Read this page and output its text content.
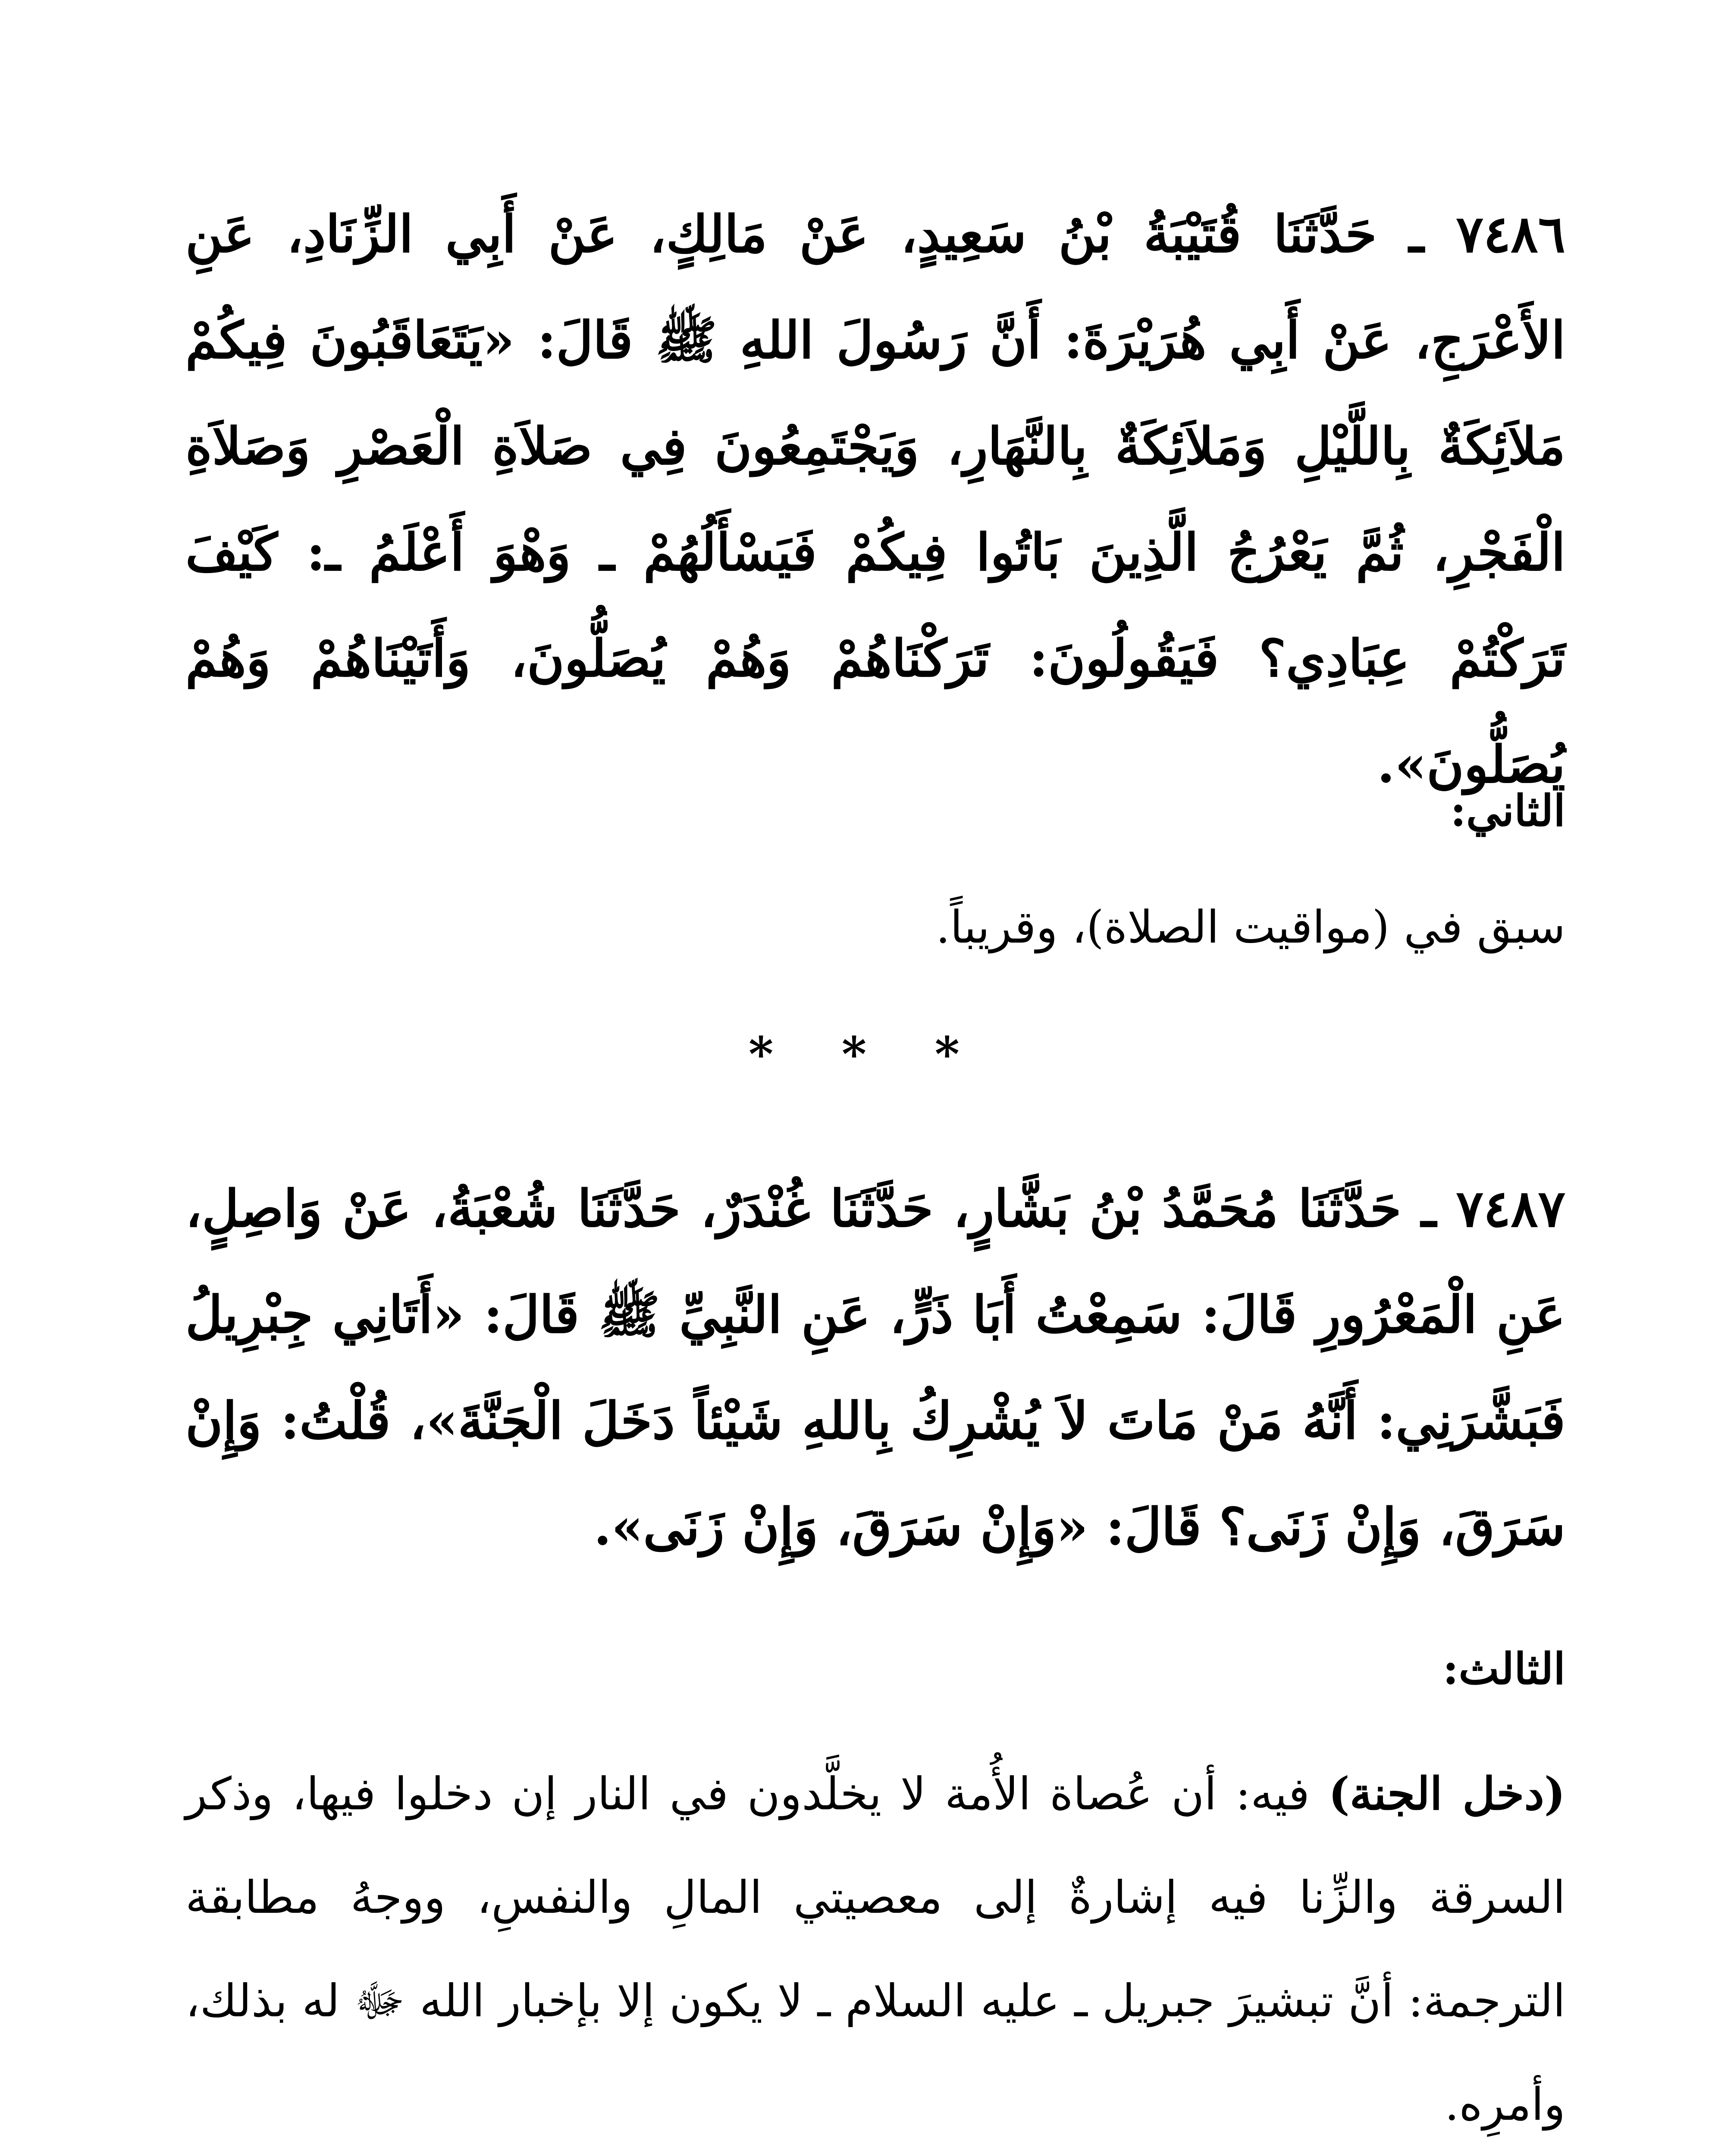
٧٤٨٦ ـ حَدَّثَنَا قُتَيْبَةُ بْنُ سَعِيدٍ، عَنْ مَالِكٍ، عَنْ أَبِي الزِّنَادِ، عَنِ الأَعْرَجِ، عَنْ أَبِي هُرَيْرَةَ: أَنَّ رَسُولَ اللهِ ﷺ قَالَ: «يَتَعَاقَبُونَ فِيكُمْ مَلاَئِكَةٌ بِاللَّيْلِ وَمَلاَئِكَةٌ بِالنَّهَارِ، وَيَجْتَمِعُونَ فِي صَلاَةِ الْعَصْرِ وَصَلاَةِ الْفَجْرِ، ثُمَّ يَعْرُجُ الَّذِينَ بَاتُوا فِيكُمْ فَيَسْأَلُهُمْ ـ وَهْوَ أَعْلَمُ ـ: كَيْفَ تَرَكْتُمْ عِبَادِي؟ فَيَقُولُونَ: تَرَكْنَاهُمْ وَهُمْ يُصَلُّونَ، وَأَتَيْنَاهُمْ وَهُمْ يُصَلُّونَ».

الثاني:

سبق في (مواقيت الصلاة)، وقريباً.

* * *

٧٤٨٧ ـ حَدَّثَنَا مُحَمَّدُ بْنُ بَشَّارٍ، حَدَّثَنَا غُنْدَرٌ، حَدَّثَنَا شُعْبَةُ، عَنْ وَاصِلٍ، عَنِ الْمَعْرُورِ قَالَ: سَمِعْتُ أَبَا ذَرٍّ، عَنِ النَّبِيِّ ﷺ قَالَ: «أَتَانِي جِبْرِيلُ فَبَشَّرَنِي: أَنَّهُ مَنْ مَاتَ لاَ يُشْرِكُ بِاللهِ شَيْئاً دَخَلَ الْجَنَّةَ»، قُلْتُ: وَإِنْ سَرَقَ، وَإِنْ زَنَى؟ قَالَ: «وَإِنْ سَرَقَ، وَإِنْ زَنَى».

الثالث:

(دخل الجنة) فيه: أن عُصاة الأُمة لا يخلَّدون في النار إن دخلوا فيها، وذكر السرقة والزِّنا فيه إشارةٌ إلى معصيتي المالِ والنفسِ، ووجهُ مطابقة الترجمة: أنَّ تبشيرَ جبريل ـ عليه السلام ـ لا يكون إلا بإخبار الله ﷻ له بذلك، وأمرِه.
